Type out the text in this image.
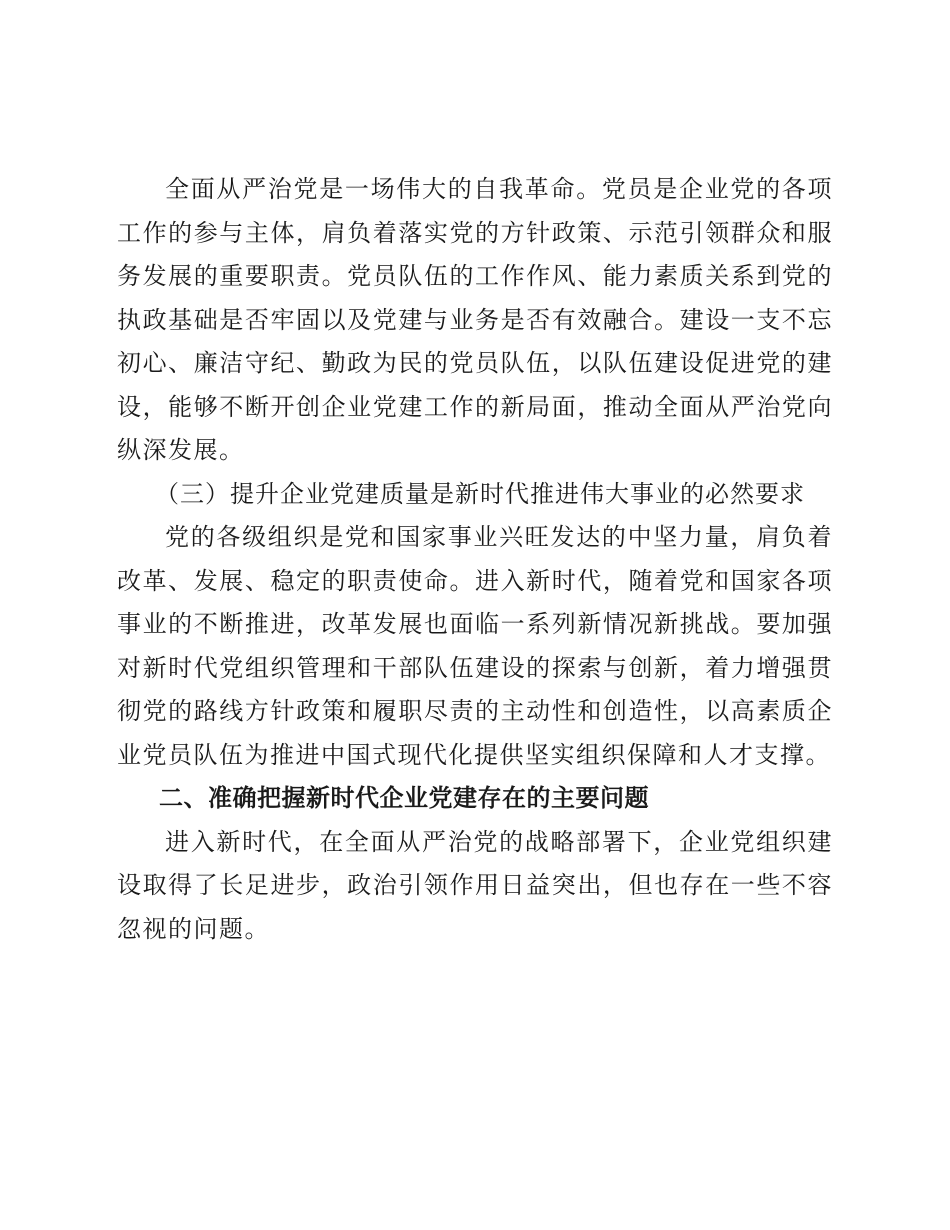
全面从严治党是一场伟大的自我革命。党员是企业党的各项工作的参与主体，肩负着落实党的方针政策、示范引领群众和服务发展的重要职责。党员队伍的工作作风、能力素质关系到党的执政基础是否牢固以及党建与业务是否有效融合。建设一支不忘初心、廉洁守纪、勤政为民的党员队伍，以队伍建设促进党的建设，能够不断开创企业党建工作的新局面，推动全面从严治党向纵深发展。

（三）提升企业党建质量是新时代推进伟大事业的必然要求

党的各级组织是党和国家事业兴旺发达的中坚力量，肩负着改革、发展、稳定的职责使命。进入新时代，随着党和国家各项事业的不断推进，改革发展也面临一系列新情况新挑战。要加强对新时代党组织管理和干部队伍建设的探索与创新，着力增强贯彻党的路线方针政策和履职尽责的主动性和创造性，以高素质企业党员队伍为推进中国式现代化提供坚实组织保障和人才支撑。

二、准确把握新时代企业党建存在的主要问题

进入新时代，在全面从严治党的战略部署下，企业党组织建设取得了长足进步，政治引领作用日益突出，但也存在一些不容忽视的问题。
